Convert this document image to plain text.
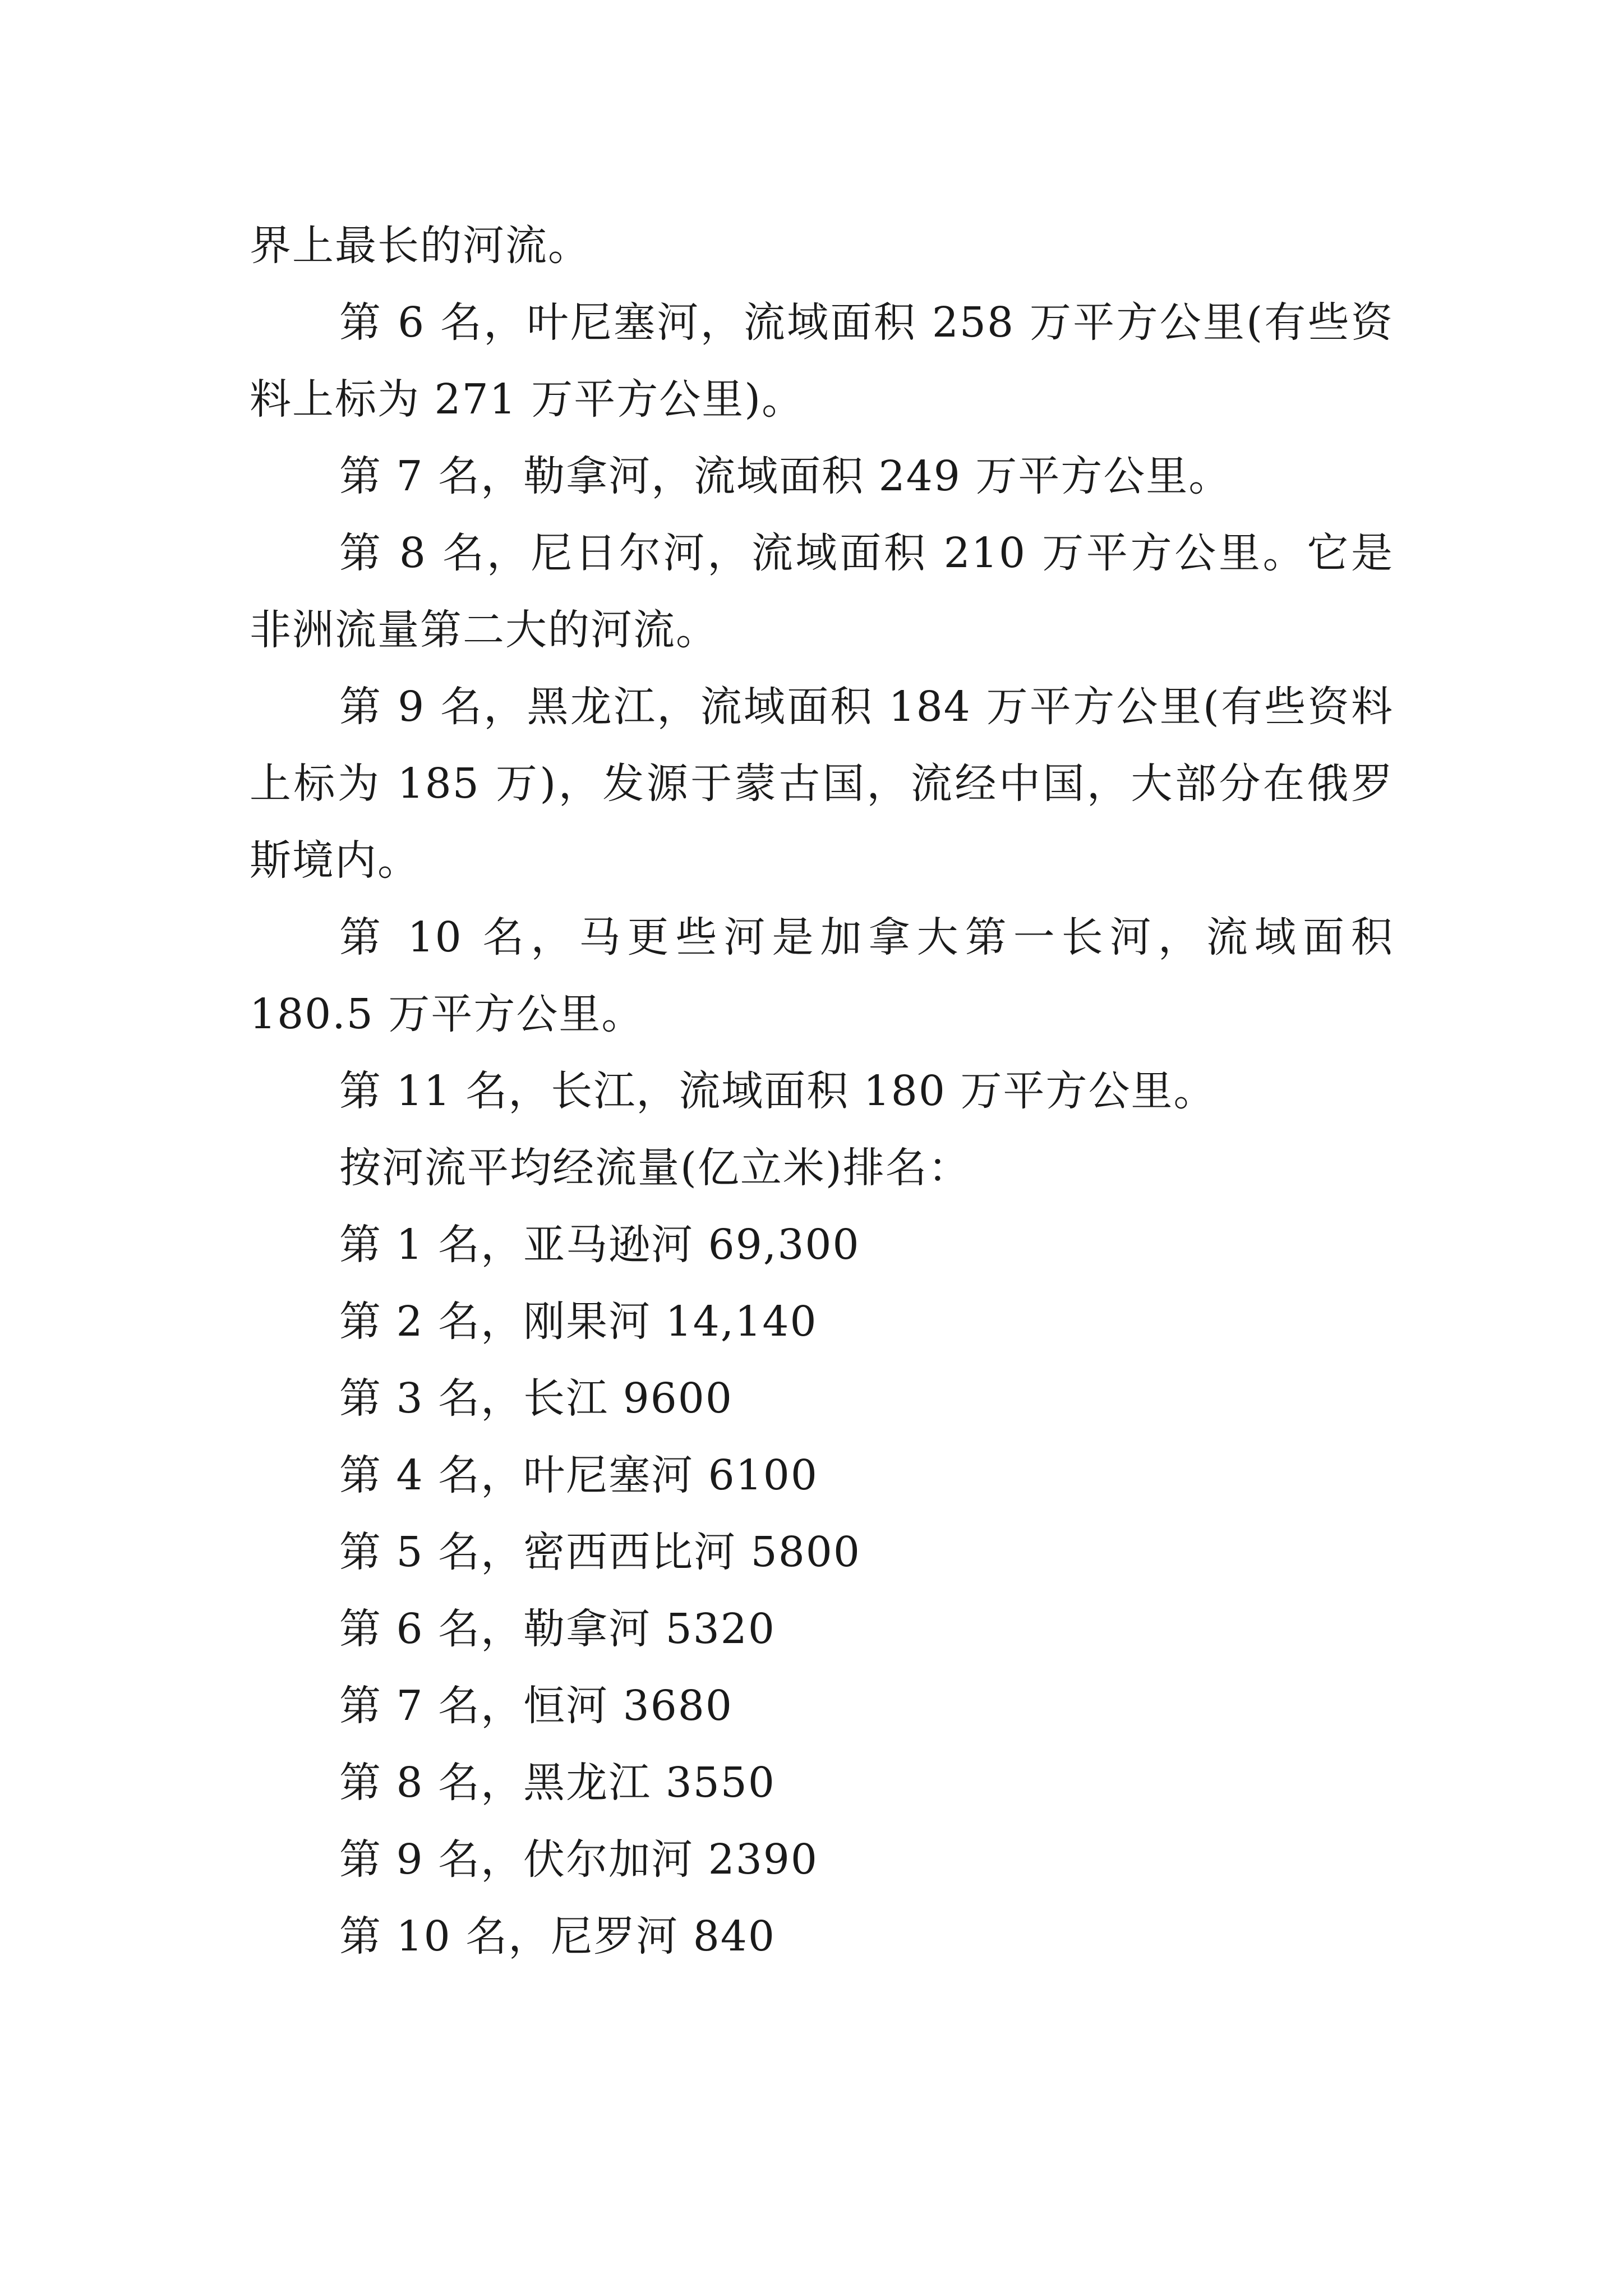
界上最长的河流。

第 6 名，叶尼塞河，流域面积 258 万平方公里(有些资料上标为 271 万平方公里)。

第 7 名，勒拿河，流域面积 249 万平方公里。

第 8 名，尼日尔河，流域面积 210 万平方公里。它是非洲流量第二大的河流。

第 9 名，黑龙江，流域面积 184 万平方公里(有些资料上标为 185 万)，发源于蒙古国，流经中国，大部分在俄罗斯境内。

第 10 名，马更些河是加拿大第一长河，流域面积 180.5 万平方公里。

第 11 名，长江，流域面积 180 万平方公里。

按河流平均经流量(亿立米)排名：

第 1 名，亚马逊河 69,300

第 2 名，刚果河 14,140

第 3 名，长江 9600

第 4 名，叶尼塞河 6100

第 5 名，密西西比河 5800

第 6 名，勒拿河 5320

第 7 名，恒河 3680

第 8 名，黑龙江 3550

第 9 名，伏尔加河 2390

第 10 名，尼罗河 840
